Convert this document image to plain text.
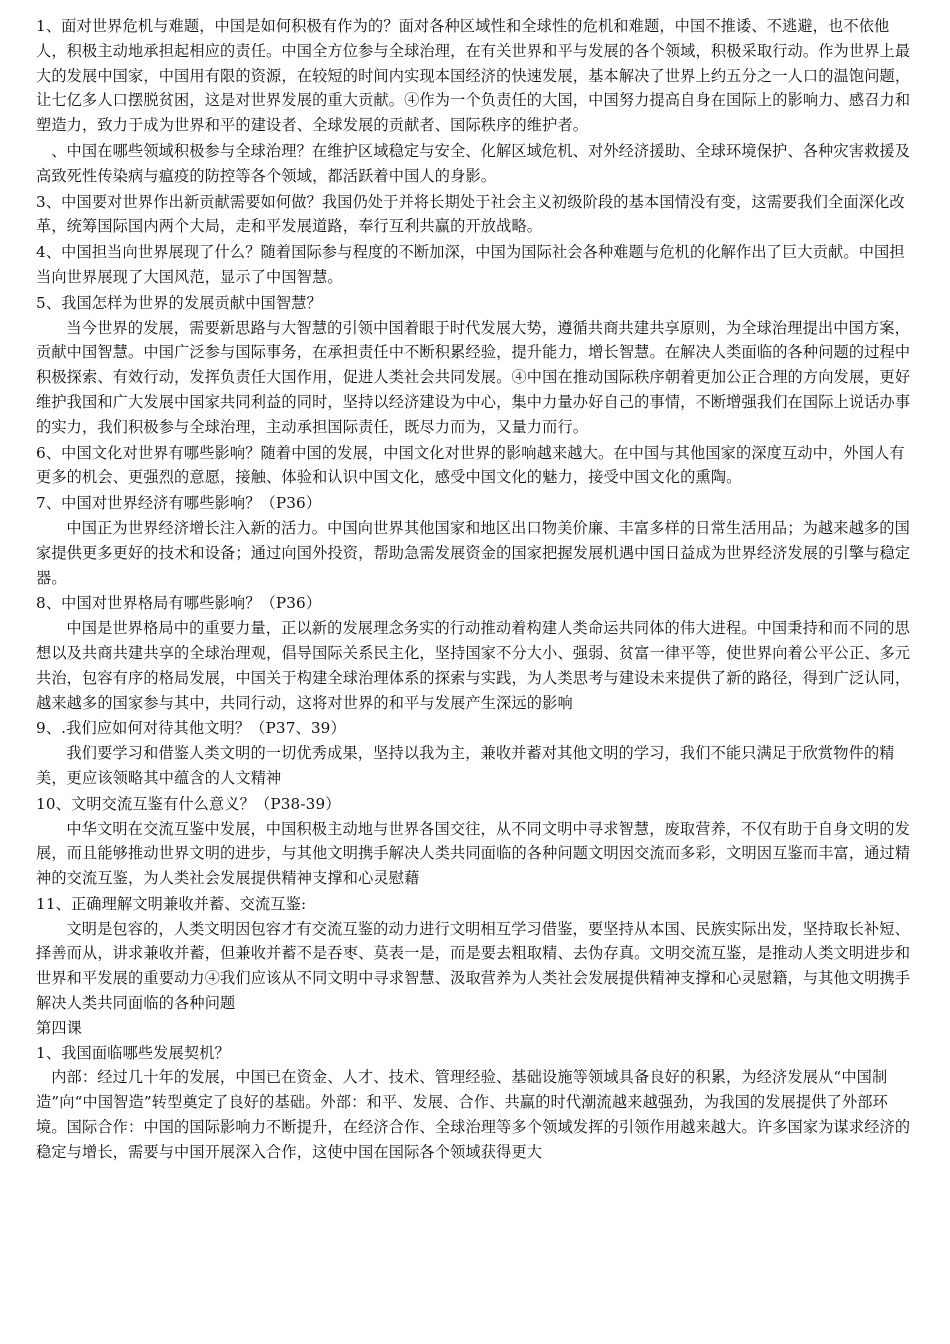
1、面对世界危机与难题，中国是如何积极有作为的？面对各种区域性和全球性的危机和难题，中国不推诿、不逃避，也不依他人，积极主动地承担起相应的责任。中国全方位参与全球治理，在有关世界和平与发展的各个领域，积极采取行动。作为世界上最大的发展中国家，中国用有限的资源，在较短的时间内实现本国经济的快速发展，基本解决了世界上约五分之一人口的温饱问题，让七亿多人口摆脱贫困，这是对世界发展的重大贡献。④作为一个负责任的大国，中国努力提高自身在国际上的影响力、感召力和塑造力，致力于成为世界和平的建设者、全球发展的贡献者、国际秩序的维护者。

、中国在哪些领域积极参与全球治理？在维护区域稳定与安全、化解区域危机、对外经济援助、全球环境保护、各种灾害救援及高致死性传染病与瘟疫的防控等各个领域，都活跃着中国人的身影。

3、中国要对世界作出新贡献需要如何做？我国仍处于并将长期处于社会主义初级阶段的基本国情没有变，这需要我们全面深化改革，统筹国际国内两个大局，走和平发展道路，奉行互利共赢的开放战略。

4、中国担当向世界展现了什么？随着国际参与程度的不断加深，中国为国际社会各种难题与危机的化解作出了巨大贡献。中国担当向世界展现了大国风范，显示了中国智慧。

5、我国怎样为世界的发展贡献中国智慧？

当今世界的发展，需要新思路与大智慧的引领中国着眼于时代发展大势，遵循共商共建共享原则，为全球治理提出中国方案，贡献中国智慧。中国广泛参与国际事务，在承担责任中不断积累经验，提升能力，增长智慧。在解决人类面临的各种问题的过程中积极探索、有效行动，发挥负责任大国作用，促进人类社会共同发展。④中国在推动国际秩序朝着更加公正合理的方向发展，更好维护我国和广大发展中国家共同利益的同时，坚持以经济建设为中心，集中力量办好自己的事情，不断增强我们在国际上说话办事的实力，我们积极参与全球治理，主动承担国际责任，既尽力而为，又量力而行。

6、中国文化对世界有哪些影响？随着中国的发展，中国文化对世界的影响越来越大。在中国与其他国家的深度互动中，外国人有更多的机会、更强烈的意愿，接触、体验和认识中国文化，感受中国文化的魅力，接受中国文化的熏陶。

7、中国对世界经济有哪些影响？（P36）

中国正为世界经济增长注入新的活力。中国向世界其他国家和地区出口物美价廉、丰富多样的日常生活用品；为越来越多的国家提供更多更好的技术和设备；通过向国外投资，帮助急需发展资金的国家把握发展机遇中国日益成为世界经济发展的引擎与稳定器。

8、中国对世界格局有哪些影响？（P36）

中国是世界格局中的重要力量，正以新的发展理念务实的行动推动着构建人类命运共同体的伟大进程。中国秉持和而不同的思想以及共商共建共享的全球治理观，倡导国际关系民主化，坚持国家不分大小、强弱、贫富一律平等，使世界向着公平公正、多元共治，包容有序的格局发展，中国关于构建全球治理体系的探索与实践，为人类思考与建设未来提供了新的路径，得到广泛认同，越来越多的国家参与其中，共同行动，这将对世界的和平与发展产生深远的影响

9、.我们应如何对待其他文明？（P37、39）

我们要学习和借鉴人类文明的一切优秀成果，坚持以我为主，兼收并蓄对其他文明的学习，我们不能只满足于欣赏物件的精美，更应该领略其中蕴含的人文精神

10、文明交流互鉴有什么意义？（P38-39）

中华文明在交流互鉴中发展，中国积极主动地与世界各国交往，从不同文明中寻求智慧，废取营养，不仅有助于自身文明的发展，而且能够推动世界文明的进步，与其他文明携手解决人类共同面临的各种问题文明因交流而多彩，文明因互鉴而丰富，通过精神的交流互鉴，为人类社会发展提供精神支撑和心灵慰藉

11、正确理解文明兼收并蓄、交流互鉴:

文明是包容的，人类文明因包容才有交流互鉴的动力进行文明相互学习借鉴，要坚持从本国、民族实际出发，坚持取长补短、择善而从，讲求兼收并蓄，但兼收并蓄不是吞枣、莫表一是，而是要去粗取精、去伪存真。文明交流互鉴，是推动人类文明进步和世界和平发展的重要动力④我们应该从不同文明中寻求智慧、汲取营养为人类社会发展提供精神支撑和心灵慰籍，与其他文明携手解决人类共同面临的各种问题

第四课

1、我国面临哪些发展契机？

内部：经过几十年的发展，中国已在资金、人才、技术、管理经验、基础设施等领域具备良好的积累，为经济发展从“中国制造”向“中国智造”转型奠定了良好的基础。外部：和平、发展、合作、共赢的时代潮流越来越强劲，为我国的发展提供了外部环境。国际合作：中国的国际影响力不断提升，在经济合作、全球治理等多个领域发挥的引领作用越来越大。许多国家为谋求经济的稳定与增长，需要与中国开展深入合作，这使中国在国际各个领域获得更大
